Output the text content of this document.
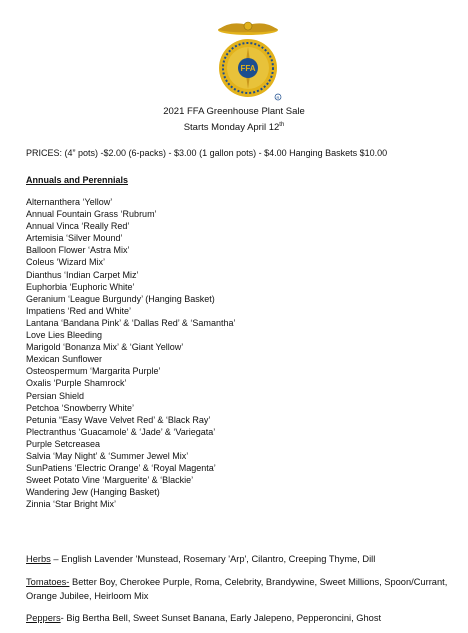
FFA
R
2021 FFA Greenhouse Plant Sale
Starts Monday April 12th
PRICES: (4” pots) -$2.00 (6-packs) - $3.00 (1 gallon pots) - $4.00 Hanging Baskets $10.00
Annuals and Perennials
Alternanthera ‘Yellow’
Annual Fountain Grass ‘Rubrum’
Annual Vinca ‘Really Red’
Artemisia ‘Silver Mound’
Balloon Flower ‘Astra Mix’
Coleus ‘Wizard Mix’
Dianthus ‘Indian Carpet Miz’
Euphorbia ‘Euphoric White’
Geranium ‘League Burgundy’ (Hanging Basket)
Impatiens ‘Red and White’
Lantana ‘Bandana Pink’ & ‘Dallas Red’ & ‘Samantha’
Love Lies Bleeding
Marigold ‘Bonanza Mix’ & ‘Giant Yellow’
Mexican Sunflower
Osteospermum ‘Margarita Purple’
Oxalis ‘Purple Shamrock’
Persian Shield
Petchoa ‘Snowberry White’
Petunia “Easy Wave Velvet Red’ & ‘Black Ray’
Plectranthus ‘Guacamole’ & ‘Jade’ & ‘Variegata’
Purple Setcreasea
Salvia ‘May Night’ & ‘Summer Jewel Mix’
SunPatiens ‘Electric Orange’ & ‘Royal Magenta’
Sweet Potato Vine ‘Marguerite’ & ‘Blackie’
Wandering Jew (Hanging Basket)
Zinnia ‘Star Bright Mix’
Herbs – English Lavender 'Munstead, Rosemary 'Arp', Cilantro, Creeping Thyme, Dill
Tomatoes- Better Boy, Cherokee Purple, Roma, Celebrity, Brandywine, Sweet Millions, Spoon/Currant, Orange Jubilee, Heirloom Mix
Peppers- Big Bertha Bell, Sweet Sunset Banana, Early Jalepeno, Pepperoncini, Ghost
